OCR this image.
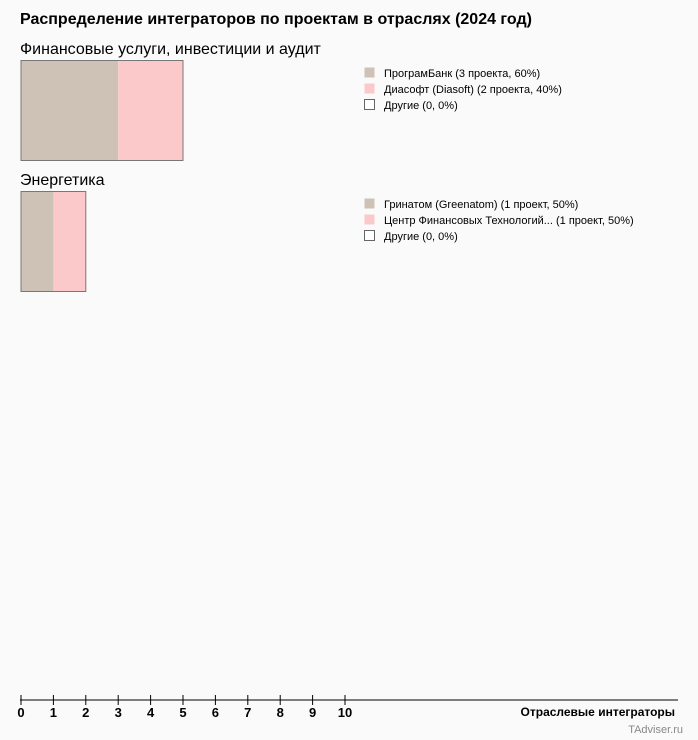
Распределение интеграторов по проектам в отраслях (2024 год)
Финансовые услуги, инвестиции и аудит
ПрограмБанк (3 проекта, 60%)
Диасофт (Diasoft) (2 проекта, 40%)
Другие (0, 0%)
Энергетика
Гринатом (Greenatom) (1 проект, 50%)
Центр Финансовых Технологий... (1 проект, 50%)
Другие (0, 0%)
0 1 2 3 4 5 6 7 8 9 10	Отраслевые интеграторы
TAdviser.ru
